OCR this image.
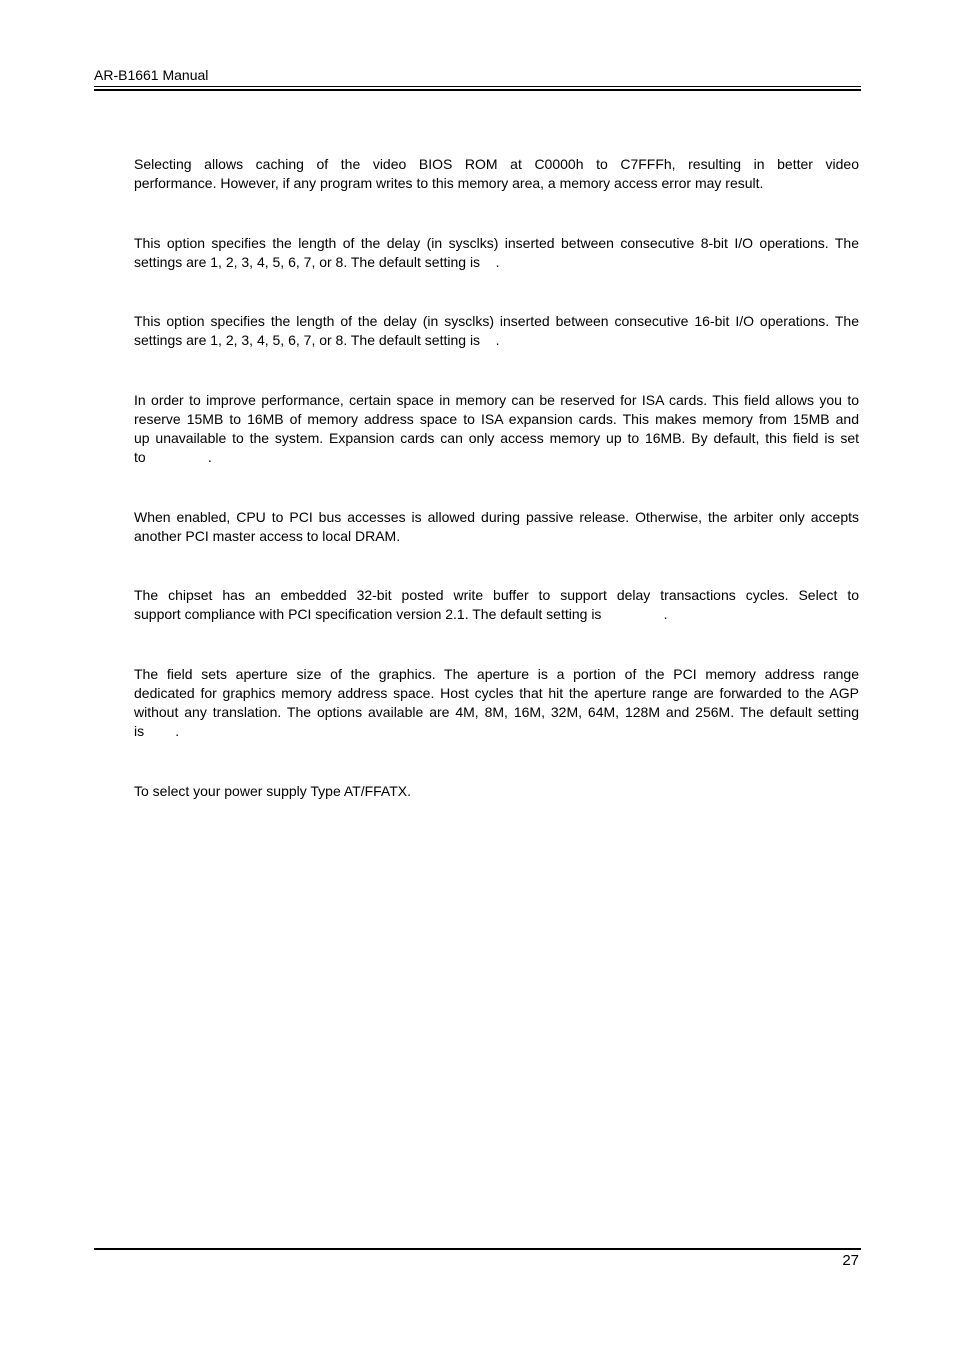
AR-B1661 Manual
Selecting allows caching of the video BIOS ROM at C0000h to C7FFFh, resulting in better video
performance. However, if any program writes to this memory area, a memory access error may result.
This option specifies the length of the delay (in sysclks) inserted between consecutive 8-bit I/O operations. The
settings are 1, 2, 3, 4, 5, 6, 7, or 8. The default setting is    .
This option specifies the length of the delay (in sysclks) inserted between consecutive 16-bit I/O operations. The
settings are 1, 2, 3, 4, 5, 6, 7, or 8. The default setting is    .
In order to improve performance, certain space in memory can be reserved for ISA cards. This field allows you to
reserve 15MB to 16MB of memory address space to ISA expansion cards. This makes memory from 15MB and
up unavailable to the system. Expansion cards can only access memory up to 16MB. By default, this field is set
to                .
When enabled, CPU to PCI bus accesses is allowed during passive release. Otherwise, the arbiter only accepts
another PCI master access to local DRAM.
The chipset has an embedded 32-bit posted write buffer to support delay transactions cycles. Select to
support compliance with PCI specification version 2.1. The default setting is                .
The field sets aperture size of the graphics. The aperture is a portion of the PCI memory address range
dedicated for graphics memory address space. Host cycles that hit the aperture range are forwarded to the AGP
without any translation. The options available are 4M, 8M, 16M, 32M, 64M, 128M and 256M. The default setting
is        .
To select your power supply Type AT/FFATX.
27
